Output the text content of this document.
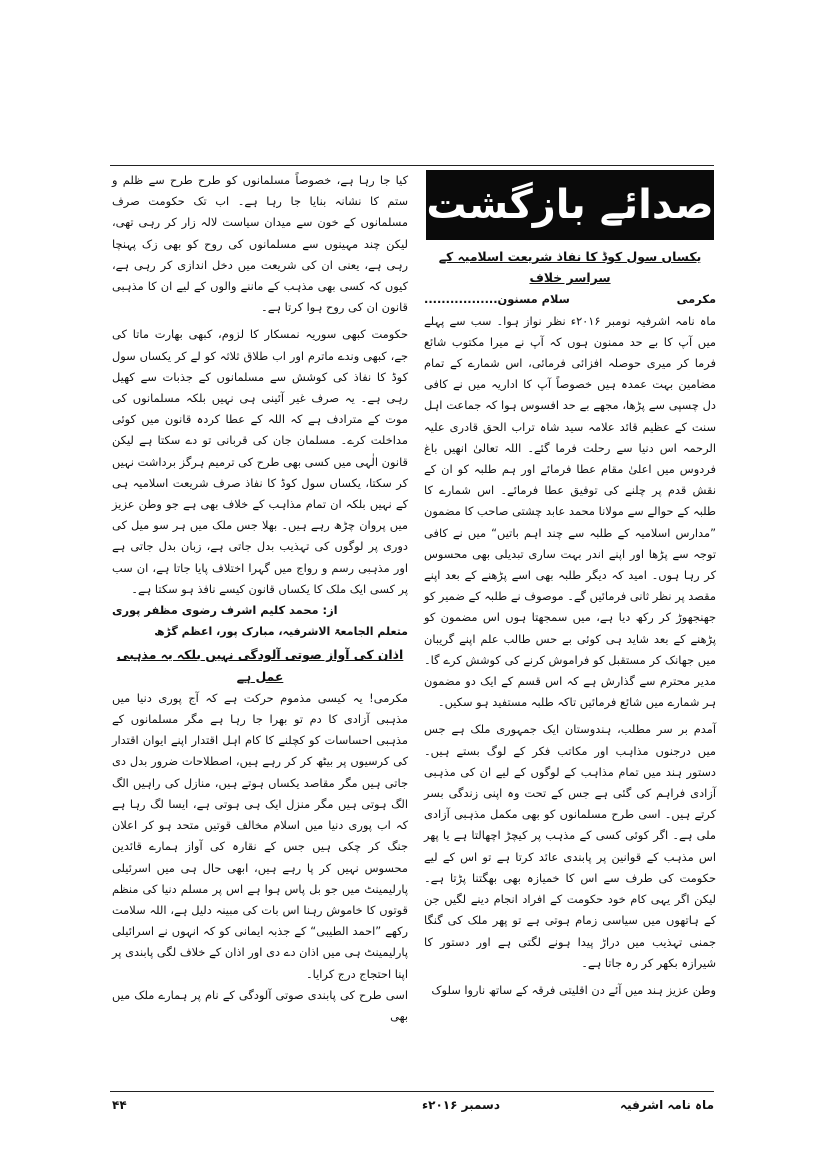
صدائے بازگشت
یکساں سول کوڈ کا نفاذ شریعت اسلامیہ کے سراسر خلاف
مکرمی
سلام مسنون.................

ماہ نامہ اشرفیہ نومبر ۲۰۱۶ء نظر نواز ہوا۔ سب سے پہلے میں آپ کا بے حد ممنون ہوں کہ آپ نے میرا مکتوب شائع فرما کر میری حوصلہ افزائی فرمائی، اس شمارے کے تمام مضامین بہت عمدہ ہیں خصوصاً آپ کا اداریہ میں نے کافی دل چسپی سے پڑھا، مجھے بے حد افسوس ہوا کہ جماعت اہل سنت کے عظیم قائد علامہ سید شاہ تراب الحق قادری علیہ الرحمہ اس دنیا سے رحلت فرما گئے۔ اللہ تعالیٰ انھیں باغ فردوس میں اعلیٰ مقام عطا فرمائے اور ہم طلبہ کو ان کے نقش قدم پر چلنے کی توفیق عطا فرمائے۔ اس شمارے کا طلبہ کے حوالے سے مولانا محمد عابد چشتی صاحب کا مضمون ”مدارس اسلامیہ کے طلبہ سے چند اہم باتیں“ میں نے کافی توجہ سے پڑھا اور اپنے اندر بہت ساری تبدیلی بھی محسوس کر رہا ہوں۔ امید کہ دیگر طلبہ بھی اسے پڑھنے کے بعد اپنے مقصد پر نظر ثانی فرمائیں گے۔ موصوف نے طلبہ کے ضمیر کو جھنجھوڑ کر رکھ دیا ہے، میں سمجھتا ہوں اس مضمون کو پڑھنے کے بعد شاید ہی کوئی بے حس طالب علم اپنے گریبان میں جھانک کر مستقبل کو فراموش کرنے کی کوشش کرے گا۔ مدیر محترم سے گذارش ہے کہ اس قسم کے ایک دو مضمون ہر شمارے میں شائع فرمائیں تاکہ طلبہ مستفید ہو سکیں۔

آمدم بر سر مطلب، ہندوستان ایک جمہوری ملک ہے جس میں درجنوں مذاہب اور مکاتب فکر کے لوگ بستے ہیں۔ دستور ہند میں تمام مذاہب کے لوگوں کے لیے ان کی مذہبی آزادی فراہم کی گئی ہے جس کے تحت وہ اپنی زندگی بسر کرتے ہیں۔ اسی طرح مسلمانوں کو بھی مکمل مذہبی آزادی ملی ہے۔ اگر کوئی کسی کے مذہب پر کیچڑ اچھالتا ہے یا پھر اس مذہب کے قوانین پر پابندی عائد کرتا ہے تو اس کے لیے حکومت کی طرف سے اس کا خمیازہ بھی بھگتنا پڑتا ہے۔ لیکن اگر یہی کام خود حکومت کے افراد انجام دینے لگیں جن کے ہاتھوں میں سیاسی زمام ہوتی ہے تو پھر ملک کی گنگا جمنی تہذیب میں دراڑ پیدا ہونے لگتی ہے اور دستور کا شیرازہ بکھر کر رہ جاتا ہے۔

وطن عزیز ہند میں آئے دن اقلیتی فرقہ کے ساتھ ناروا سلوک

کیا جا رہا ہے، خصوصاً مسلمانوں کو طرح طرح سے ظلم و ستم کا نشانہ بنایا جا رہا ہے۔ اب تک حکومت صرف مسلمانوں کے خون سے میدان سیاست لالہ زار کر رہی تھی، لیکن چند مہینوں سے مسلمانوں کی روح کو بھی زک پہنچا رہی ہے، یعنی ان کی شریعت میں دخل اندازی کر رہی ہے، کیوں کہ کسی بھی مذہب کے ماننے والوں کے لیے ان کا مذہبی قانون ان کی روح ہوا کرتا ہے۔

حکومت کبھی سوریہ نمسکار کا لزوم، کبھی بھارت ماتا کی جے، کبھی وندے ماترم اور اب طلاق ثلاثہ کو لے کر یکساں سول کوڈ کا نفاذ کی کوشش سے مسلمانوں کے جذبات سے کھیل رہی ہے۔ یہ صرف غیر آئینی ہی نہیں بلکہ مسلمانوں کی موت کے مترادف ہے کہ اللہ کے عطا کردہ قانون میں کوئی مداخلت کرے۔ مسلمان جان کی قربانی تو دے سکتا ہے لیکن قانون الٰہی میں کسی بھی طرح کی ترمیم ہرگز برداشت نہیں کر سکتا، یکساں سول کوڈ کا نفاذ صرف شریعت اسلامیہ ہی کے نہیں بلکہ ان تمام مذاہب کے خلاف بھی ہے جو وطن عزیز میں پروان چڑھ رہے ہیں۔ بھلا جس ملک میں ہر سو میل کی دوری پر لوگوں کی تہذیب بدل جاتی ہے، زبان بدل جاتی ہے اور مذہبی رسم و رواج میں گہرا اختلاف پایا جاتا ہے، ان سب پر کسی ایک ملک کا یکساں قانون کیسے نافذ ہو سکتا ہے۔

از: محمد کلیم اشرف رضوی مظفر پوری
متعلم الجامعۃ الاشرفیہ، مبارک پور، اعظم گڑھ
اذان کی آواز صوتی آلودگی نہیں بلکہ یہ مذہبی عمل ہے

مکرمی! یہ کیسی مذموم حرکت ہے کہ آج پوری دنیا میں مذہبی آزادی کا دم تو بھرا جا رہا ہے مگر مسلمانوں کے مذہبی احساسات کو کچلنے کا کام اہل اقتدار اپنے ایوان اقتدار کی کرسیوں پر بیٹھ کر کر رہے ہیں، اصطلاحات ضرور بدل دی جاتی ہیں مگر مقاصد یکساں ہوتے ہیں، منازل کی راہیں الگ الگ ہوتی ہیں مگر منزل ایک ہی ہوتی ہے، ایسا لگ رہا ہے کہ اب پوری دنیا میں اسلام مخالف قوتیں متحد ہو کر اعلان جنگ کر چکی ہیں جس کے نقارہ کی آواز ہمارے قائدین محسوس نہیں کر پا رہے ہیں، ابھی حال ہی میں اسرئیلی پارلیمینٹ میں جو بل پاس ہوا ہے اس پر مسلم دنیا کی منظم قوتوں کا خاموش رہنا اس بات کی مبینہ دلیل ہے، اللہ سلامت رکھے ”احمد الطیبی“ کے جذبہ ایمانی کو کہ انہوں نے اسرائیلی پارلیمینٹ ہی میں اذان دے دی اور اذان کے خلاف لگی پابندی پر اپنا احتجاج درج کرایا۔

اسی طرح کی پابندی صوتی آلودگی کے نام پر ہمارے ملک میں بھی

۴۴	دسمبر ۲۰۱۶ء	ماہ نامہ اشرفیہ
